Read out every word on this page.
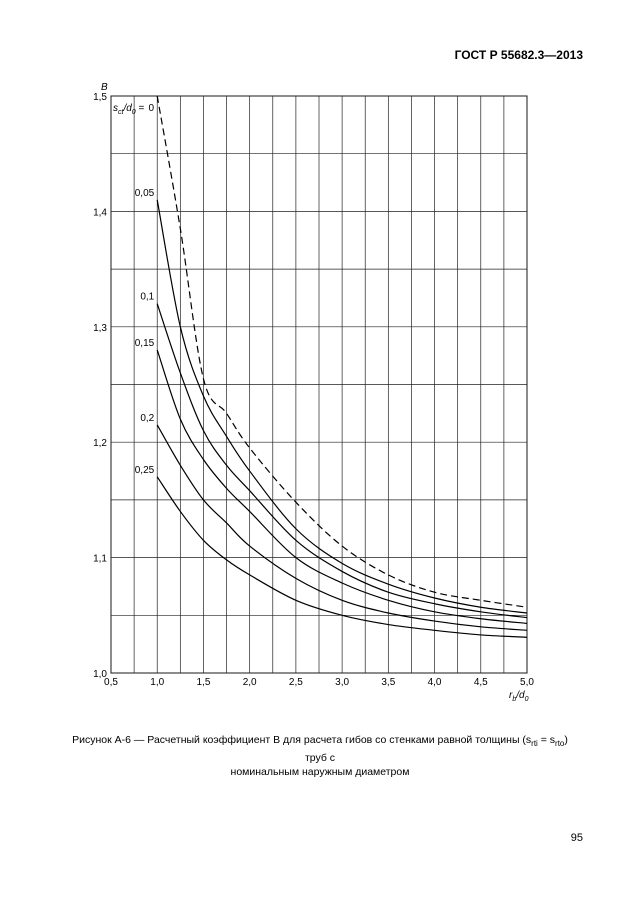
ГОСТ Р 55682.3—2013
0
0,05
0,1
0,15
0,2
0,25
0,5	1,0	1,5	2,0	2,5	3,0	3,5	4,0	4,5	5,0
1,0
1,1
1,2
1,3
1,4
1,5
B
$r_b/d_0$
$s_{ct}/d_0$ =
Рисунок А-6 — Расчетный коэффициент B для расчета гибов со стенками равной толщины $(s_{rti} = s_{rto})$ труб с
номинальным наружным диаметром
95
